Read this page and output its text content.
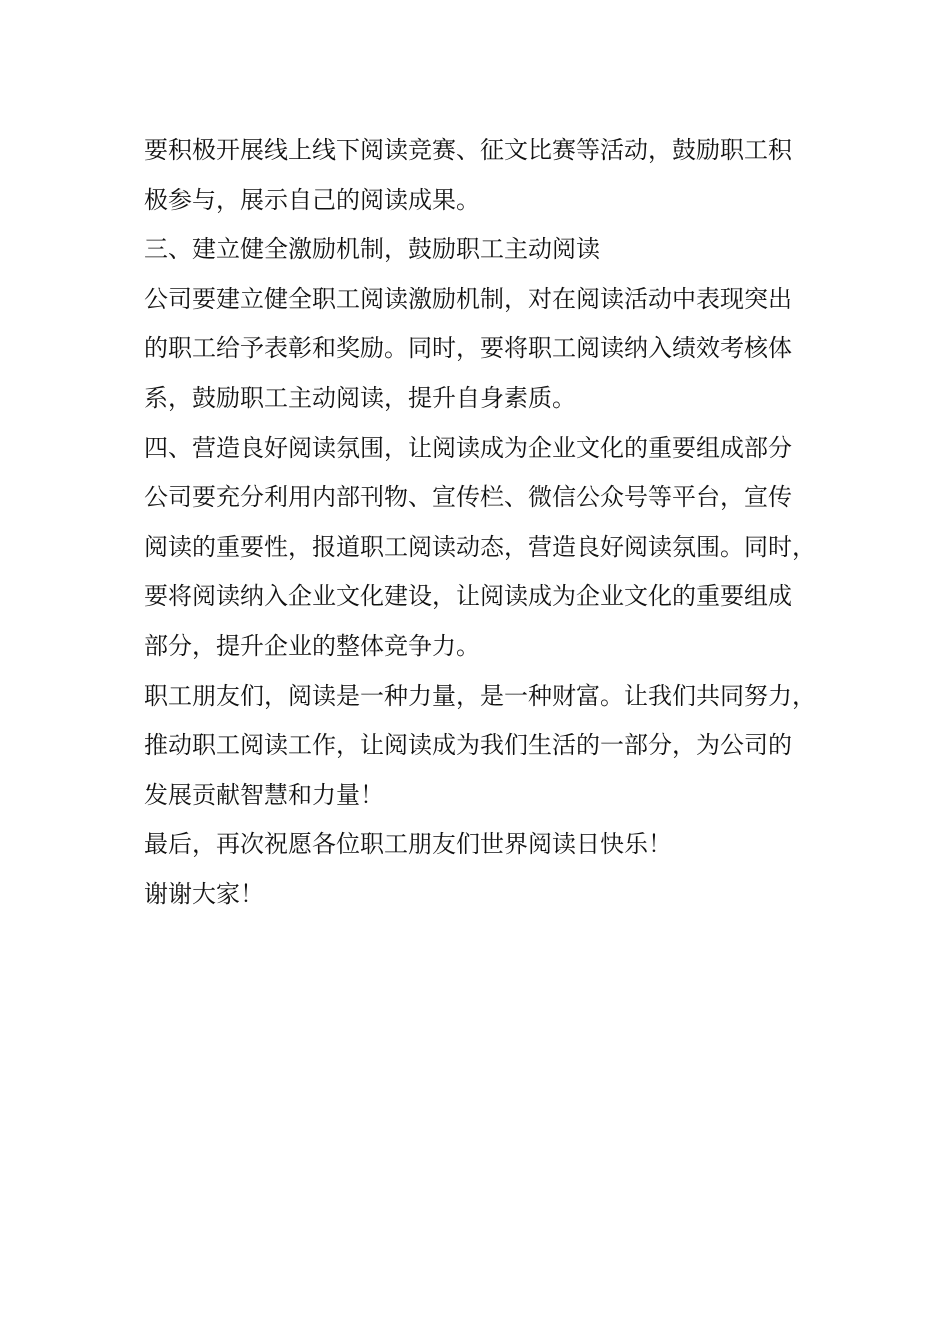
要积极开展线上线下阅读竞赛、征文比赛等活动，鼓励职工积
极参与，展示自己的阅读成果。
三、建立健全激励机制，鼓励职工主动阅读
公司要建立健全职工阅读激励机制，对在阅读活动中表现突出
的职工给予表彰和奖励。同时，要将职工阅读纳入绩效考核体
系，鼓励职工主动阅读，提升自身素质。
四、营造良好阅读氛围，让阅读成为企业文化的重要组成部分
公司要充分利用内部刊物、宣传栏、微信公众号等平台，宣传
阅读的重要性，报道职工阅读动态，营造良好阅读氛围。同时，
要将阅读纳入企业文化建设，让阅读成为企业文化的重要组成
部分，提升企业的整体竞争力。
职工朋友们，阅读是一种力量，是一种财富。让我们共同努力，
推动职工阅读工作，让阅读成为我们生活的一部分，为公司的
发展贡献智慧和力量！
最后，再次祝愿各位职工朋友们世界阅读日快乐！
谢谢大家！
